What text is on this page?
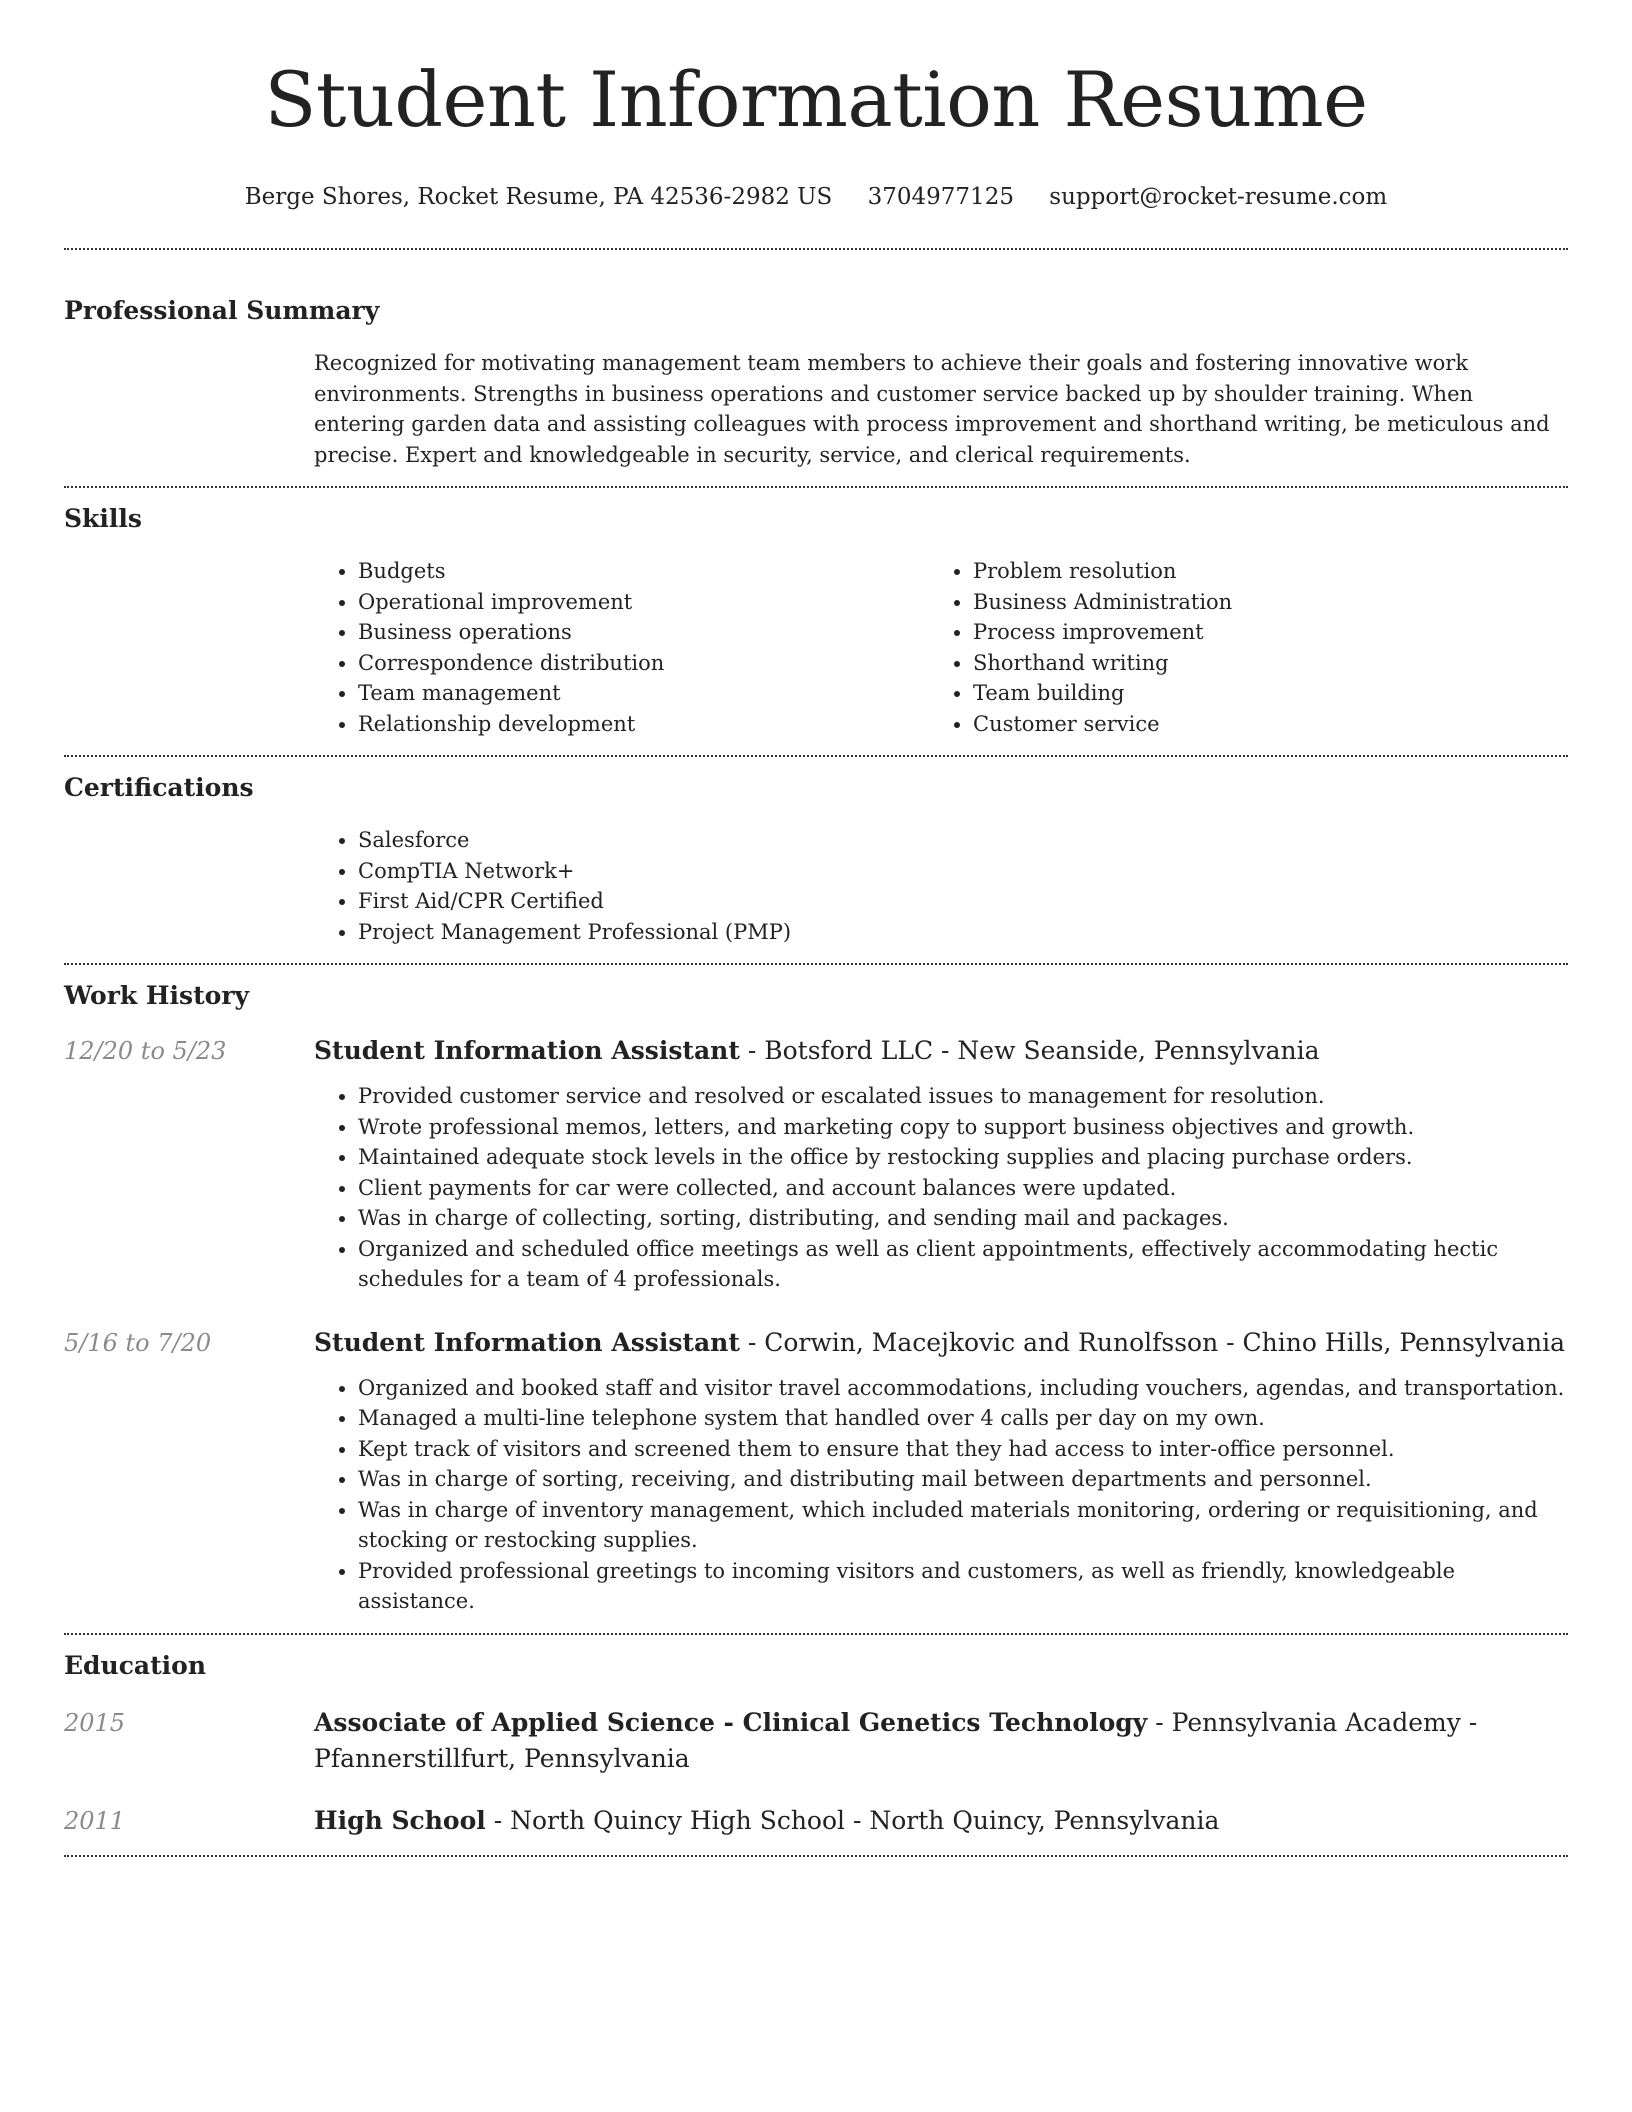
Student Information Resume
Berge Shores, Rocket Resume, PA 42536-2982 US 3704977125 support@rocket-resume.com
Professional Summary
Recognized for motivating management team members to achieve their goals and fostering innovative work environments. Strengths in business operations and customer service backed up by shoulder training. When entering garden data and assisting colleagues with process improvement and shorthand writing, be meticulous and precise. Expert and knowledgeable in security, service, and clerical requirements.
Skills
• Budgets
• Operational improvement
• Business operations
• Correspondence distribution
• Team management
• Relationship development
• Problem resolution
• Business Administration
• Process improvement
• Shorthand writing
• Team building
• Customer service
Certifications
• Salesforce
• CompTIA Network+
• First Aid/CPR Certified
• Project Management Professional (PMP)
Work History
12/20 to 5/23	Student Information Assistant - Botsford LLC - New Seanside, Pennsylvania
• Provided customer service and resolved or escalated issues to management for resolution.
• Wrote professional memos, letters, and marketing copy to support business objectives and growth.
• Maintained adequate stock levels in the office by restocking supplies and placing purchase orders.
• Client payments for car were collected, and account balances were updated.
• Was in charge of collecting, sorting, distributing, and sending mail and packages.
• Organized and scheduled office meetings as well as client appointments, effectively accommodating hectic schedules for a team of 4 professionals.
5/16 to 7/20	Student Information Assistant - Corwin, Macejkovic and Runolfsson - Chino Hills, Pennsylvania
• Organized and booked staff and visitor travel accommodations, including vouchers, agendas, and transportation.
• Managed a multi-line telephone system that handled over 4 calls per day on my own.
• Kept track of visitors and screened them to ensure that they had access to inter-office personnel.
• Was in charge of sorting, receiving, and distributing mail between departments and personnel.
• Was in charge of inventory management, which included materials monitoring, ordering or requisitioning, and stocking or restocking supplies.
• Provided professional greetings to incoming visitors and customers, as well as friendly, knowledgeable assistance.
Education
2015	Associate of Applied Science - Clinical Genetics Technology - Pennsylvania Academy - Pfannerstillfurt, Pennsylvania
2011	High School - North Quincy High School - North Quincy, Pennsylvania
